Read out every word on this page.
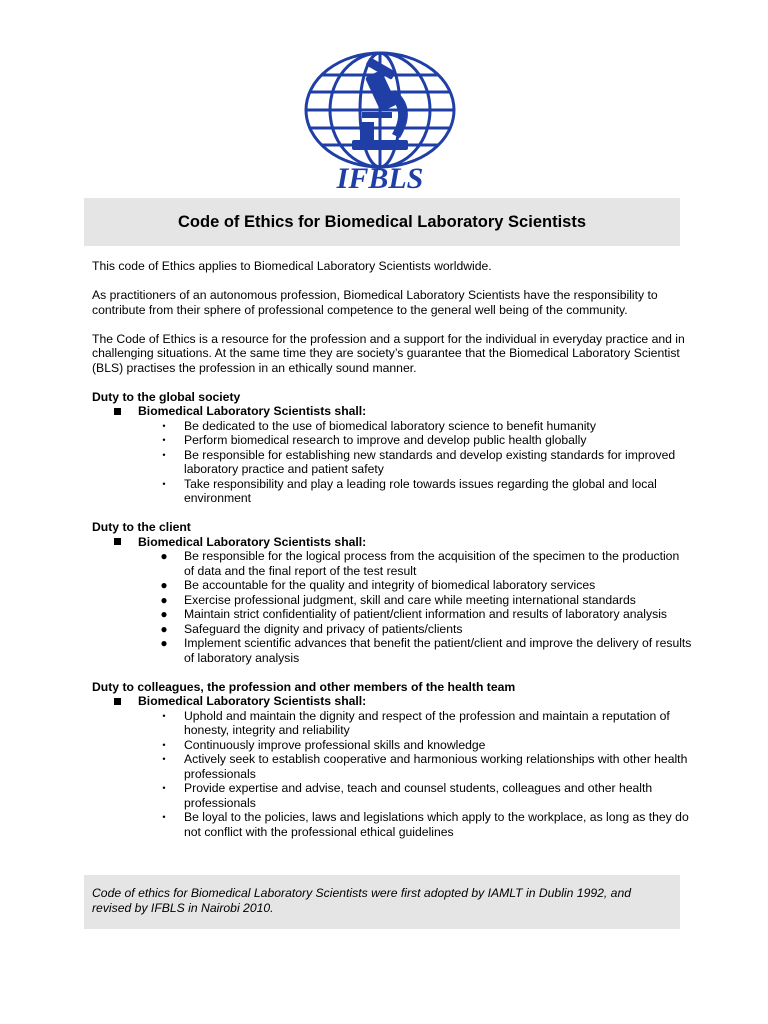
IFBLS
Code of Ethics for Biomedical Laboratory Scientists

This code of Ethics applies to Biomedical Laboratory Scientists worldwide.

As practitioners of an autonomous profession, Biomedical Laboratory Scientists have the responsibility to contribute from their sphere of professional competence to the general well being of the community.

The Code of Ethics is a resource for the profession and a support for the individual in everyday practice and in challenging situations. At the same time they are society’s guarantee that the Biomedical Laboratory Scientist (BLS) practises the profession in an ethically sound manner.

Duty to the global society
Biomedical Laboratory Scientists shall:
•	Be dedicated to the use of biomedical laboratory science to benefit humanity
•	Perform biomedical research to improve and develop public health globally
•	Be responsible for establishing new standards and develop existing standards for improved laboratory practice and patient safety
•	Take responsibility and play a leading role towards issues regarding the global and local environment
Duty to the client
Biomedical Laboratory Scientists shall:
● Be responsible for the logical process from the acquisition of the specimen to the production of data and the final report of the test result
● Be accountable for the quality and integrity of biomedical laboratory services
● Exercise professional judgment, skill and care while meeting international standards
● Maintain strict confidentiality of patient/client information and results of laboratory analysis
● Safeguard the dignity and privacy of patients/clients
● Implement scientific advances that benefit the patient/client and improve the delivery of results of laboratory analysis
Duty to colleagues, the profession and other members of the health team
Biomedical Laboratory Scientists shall:
•	Uphold and maintain the dignity and respect of the profession and maintain a reputation of honesty, integrity and reliability
•	Continuously improve professional skills and knowledge
•	Actively seek to establish cooperative and harmonious working relationships with other health professionals
•	Provide expertise and advise, teach and counsel students, colleagues and other health professionals
•	Be loyal to the policies, laws and legislations which apply to the workplace, as long as they do not conflict with the professional ethical guidelines
Code of ethics for Biomedical Laboratory Scientists were first adopted by IAMLT in Dublin 1992, and revised by IFBLS in Nairobi 2010.
